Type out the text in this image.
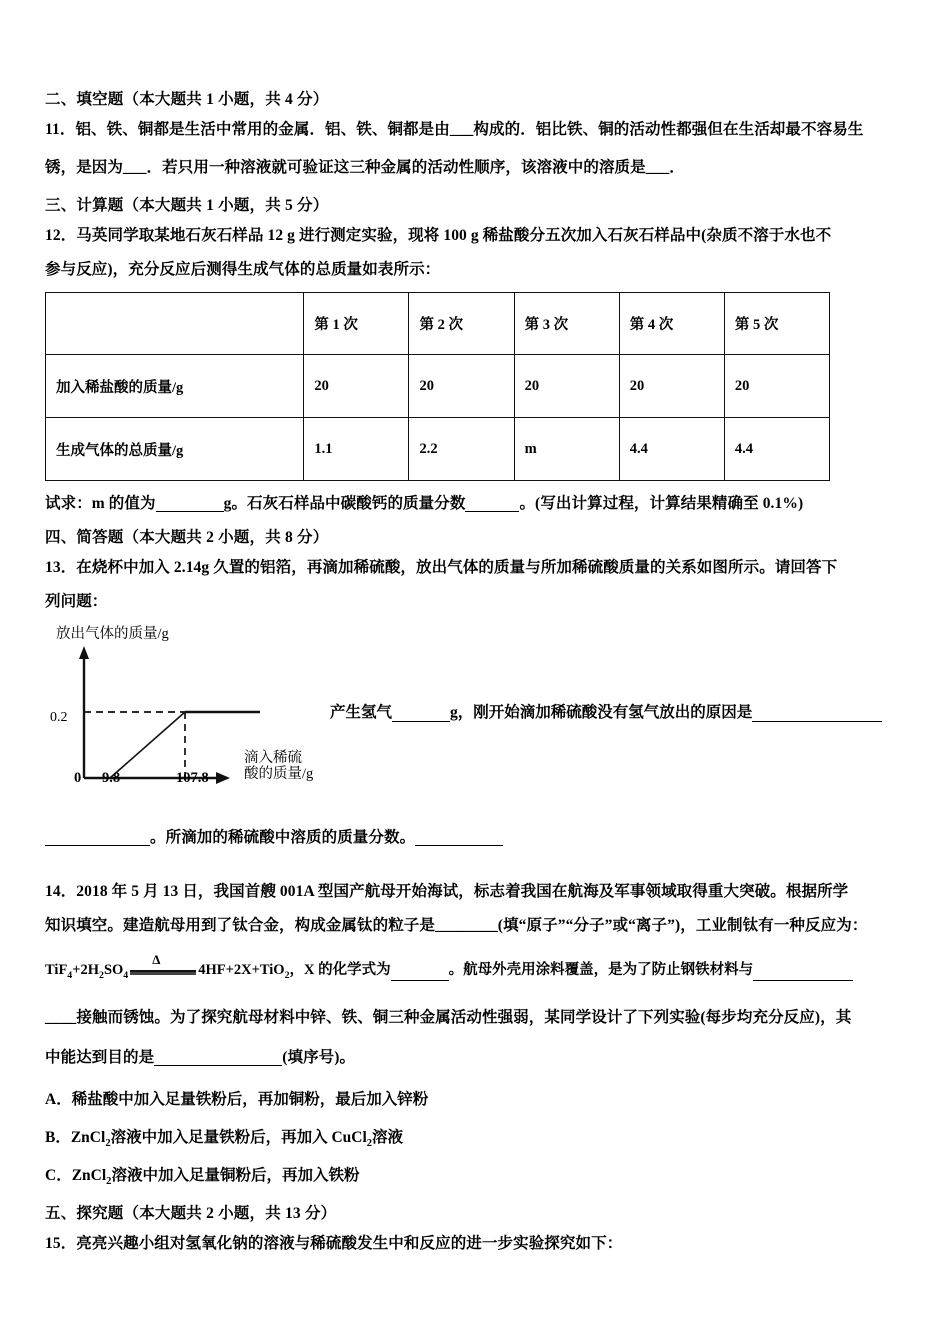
二、填空题（本大题共 1 小题，共 4 分）
11．铝、铁、铜都是生活中常用的金属．铝、铁、铜都是由___构成的．铝比铁、铜的活动性都强但在生活却最不容易生
锈，是因为___．若只用一种溶液就可验证这三种金属的活动性顺序，该溶液中的溶质是___．
三、计算题（本大题共 1 小题，共 5 分）
12．马英同学取某地石灰石样品 12 g 进行测定实验，现将 100 g 稀盐酸分五次加入石灰石样品中(杂质不溶于水也不
参与反应)，充分反应后测得生成气体的总质量如表所示：
	第 1 次	第 2 次	第 3 次	第 4 次	第 5 次
加入稀盐酸的质量/g	20	20	20	20	20
生成气体的总质量/g	1.1	2.2	m	4.4	4.4
试求：m 的值为	g。石灰石样品中碳酸钙的质量分数	。(写出计算过程，计算结果精确至 0.1%)
四、简答题（本大题共 2 小题，共 8 分）
13．在烧杯中加入 2.14g 久置的铝箔，再滴加稀硫酸，放出气体的质量与所加稀硫酸质量的关系如图所示。请回答下
列问题：
放出气体的质量/g
0.2
0 9.8	107.8
滴入稀硫
酸的质量/g
产生氢气	g，刚开始滴加稀硫酸没有氢气放出的原因是
。所滴加的稀硫酸中溶质的质量分数。
14．2018 年 5 月 13 日，我国首艘 001A 型国产航母开始海试，标志着我国在航海及军事领域取得重大突破。根据所学
知识填空。建造航母用到了钛合金，构成金属钛的粒子是________(填“原子”“分子”或“离子”)，工业制钛有一种反应为：
$TiF_4+2H_2SO_4$
Δ
4HF+2X+TiO$_2$，X 的化学式为	。航母外壳用涂料覆盖，是为了防止钢铁材料与
____接触而锈蚀。为了探究航母材料中锌、铁、铜三种金属活动性强弱，某同学设计了下列实验(每步均充分反应)，其
中能达到目的是	(填序号)。
A．稀盐酸中加入足量铁粉后，再加铜粉，最后加入锌粉
B．ZnCl$_2$溶液中加入足量铁粉后，再加入 CuCl$_2$溶液
C．ZnCl$_2$溶液中加入足量铜粉后，再加入铁粉
五、探究题（本大题共 2 小题，共 13 分）
15．亮亮兴趣小组对氢氧化钠的溶液与稀硫酸发生中和反应的进一步实验探究如下：
